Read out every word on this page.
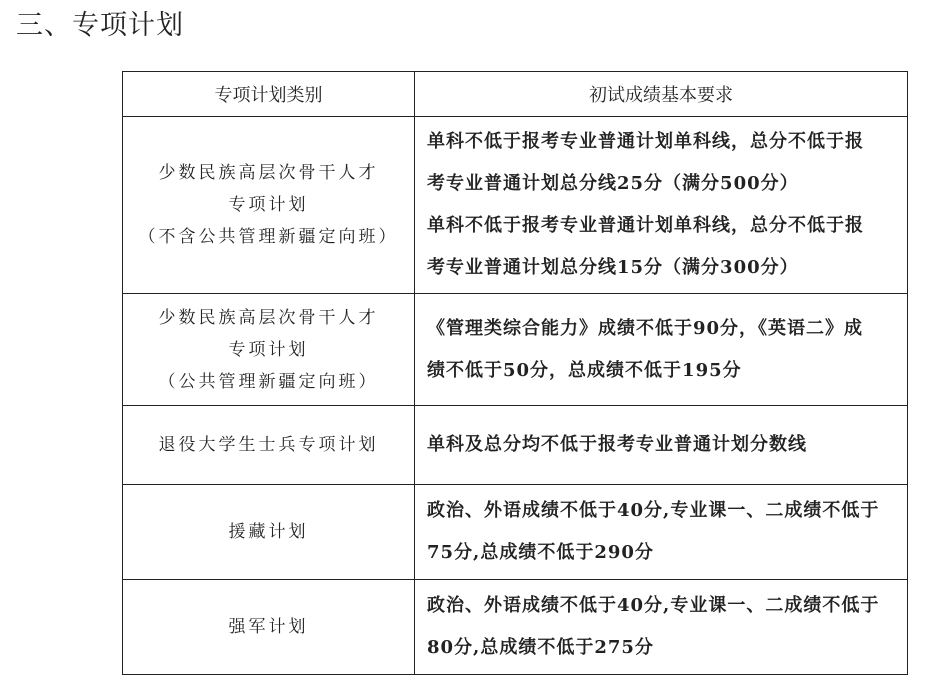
三、专项计划
专项计划类别	初试成绩基本要求

少数民族高层次骨干人才
专项计划
（不含公共管理新疆定向班）	单科不低于报考专业普通计划单科线，总分不低于报
考专业普通计划总分线25分（满分500分）
单科不低于报考专业普通计划单科线，总分不低于报
考专业普通计划总分线15分（满分300分）

少数民族高层次骨干人才
专项计划
（公共管理新疆定向班）	《管理类综合能力》成绩不低于90分，《英语二》成
绩不低于50分，总成绩不低于195分

退役大学生士兵专项计划	单科及总分均不低于报考专业普通计划分数线

援藏计划	政治、外语成绩不低于40分,专业课一、二成绩不低于
75分,总成绩不低于290分

强军计划	政治、外语成绩不低于40分,专业课一、二成绩不低于
80分,总成绩不低于275分
